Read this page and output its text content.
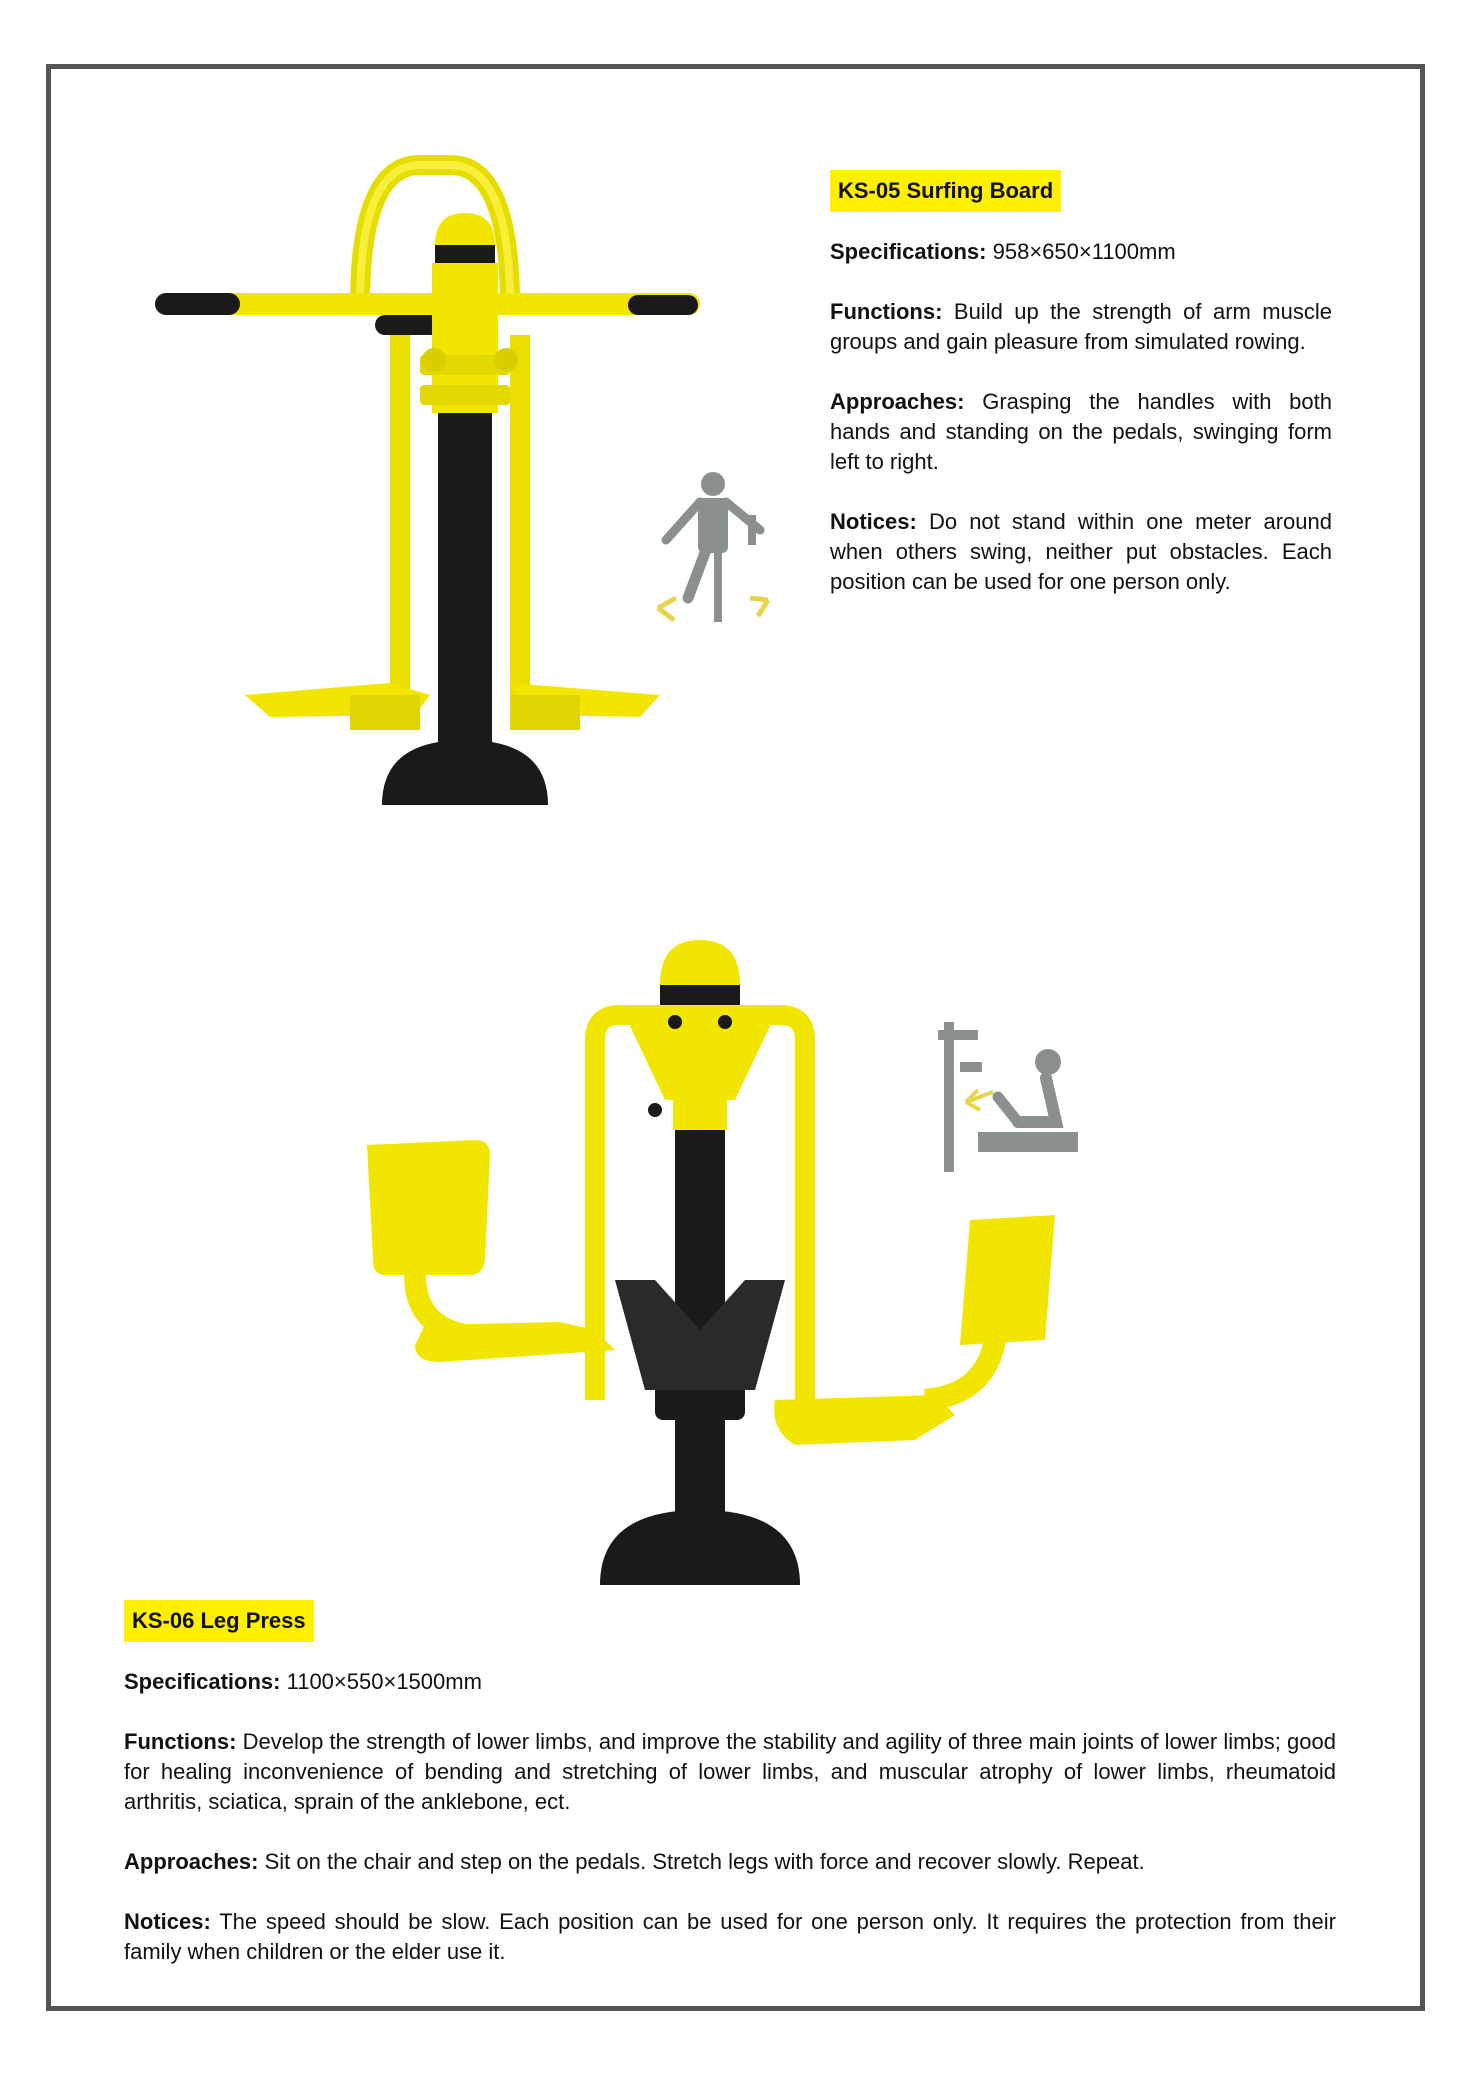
KS-05 Surfing Board

Specifications: 958×650×1100mm

Functions: Build up the strength of arm muscle groups and gain pleasure from simulated rowing.

Approaches: Grasping the handles with both hands and standing on the pedals, swinging form left to right.

Notices: Do not stand within one meter around when others swing, neither put obstacles. Each position can be used for one person only.

KS-06 Leg Press

Specifications: 1100×550×1500mm

Functions: Develop the strength of lower limbs, and improve the stability and agility of three main joints of lower limbs; good for healing inconvenience of bending and stretching of lower limbs, and muscular atrophy of lower limbs, rheumatoid arthritis, sciatica, sprain of the anklebone, ect.

Approaches: Sit on the chair and step on the pedals. Stretch legs with force and recover slowly. Repeat.

Notices: The speed should be slow. Each position can be used for one person only. It requires the protection from their family when children or the elder use it.
